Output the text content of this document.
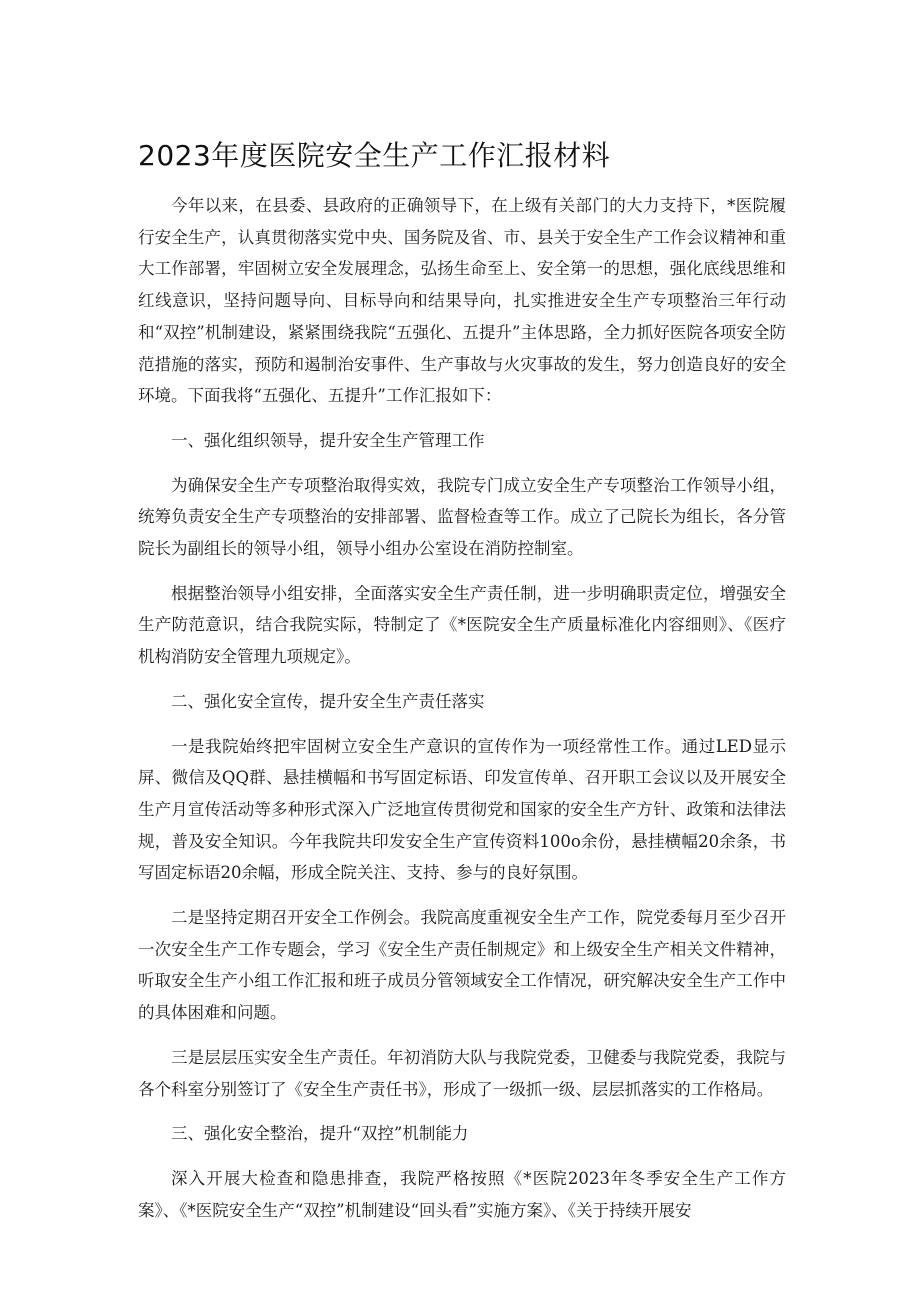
2023年度医院安全生产工作汇报材料

今年以来，在县委、县政府的正确领导下，在上级有关部门的大力支持下，*医院履行安全生产，认真贯彻落实党中央、国务院及省、市、县关于安全生产工作会议精神和重大工作部署，牢固树立安全发展理念，弘扬生命至上、安全第一的思想，强化底线思维和红线意识，坚持问题导向、目标导向和结果导向，扎实推进安全生产专项整治三年行动和“双控”机制建设，紧紧围绕我院“五强化、五提升”主体思路，全力抓好医院各项安全防范措施的落实，预防和遏制治安事件、生产事故与火灾事故的发生，努力创造良好的安全环境。下面我将“五强化、五提升”工作汇报如下：

一、强化组织领导，提升安全生产管理工作

为确保安全生产专项整治取得实效，我院专门成立安全生产专项整治工作领导小组，统筹负责安全生产专项整治的安排部署、监督检查等工作。成立了己院长为组长，各分管院长为副组长的领导小组，领导小组办公室设在消防控制室。

根据整治领导小组安排，全面落实安全生产责任制，进一步明确职责定位，增强安全生产防范意识，结合我院实际，特制定了《*医院安全生产质量标准化内容细则》、《医疗机构消防安全管理九项规定》。

二、强化安全宣传，提升安全生产责任落实

一是我院始终把牢固树立安全生产意识的宣传作为一项经常性工作。通过LED显示屏、微信及QQ群、悬挂横幅和书写固定标语、印发宣传单、召开职工会议以及开展安全生产月宣传活动等多种形式深入广泛地宣传贯彻党和国家的安全生产方针、政策和法律法规，普及安全知识。今年我院共印发安全生产宣传资料100o余份，悬挂横幅20余条，书写固定标语20余幅，形成全院关注、支持、参与的良好氛围。

二是坚持定期召开安全工作例会。我院高度重视安全生产工作，院党委每月至少召开一次安全生产工作专题会，学习《安全生产责任制规定》和上级安全生产相关文件精神，听取安全生产小组工作汇报和班子成员分管领域安全工作情况，研究解决安全生产工作中的具体困难和问题。

三是层层压实安全生产责任。年初消防大队与我院党委，卫健委与我院党委，我院与各个科室分别签订了《安全生产责任书》，形成了一级抓一级、层层抓落实的工作格局。

三、强化安全整治，提升“双控”机制能力

深入开展大检查和隐患排查，我院严格按照《*医院2023年冬季安全生产工作方案》、《*医院安全生产“双控”机制建设“回头看”实施方案》、《关于持续开展安
